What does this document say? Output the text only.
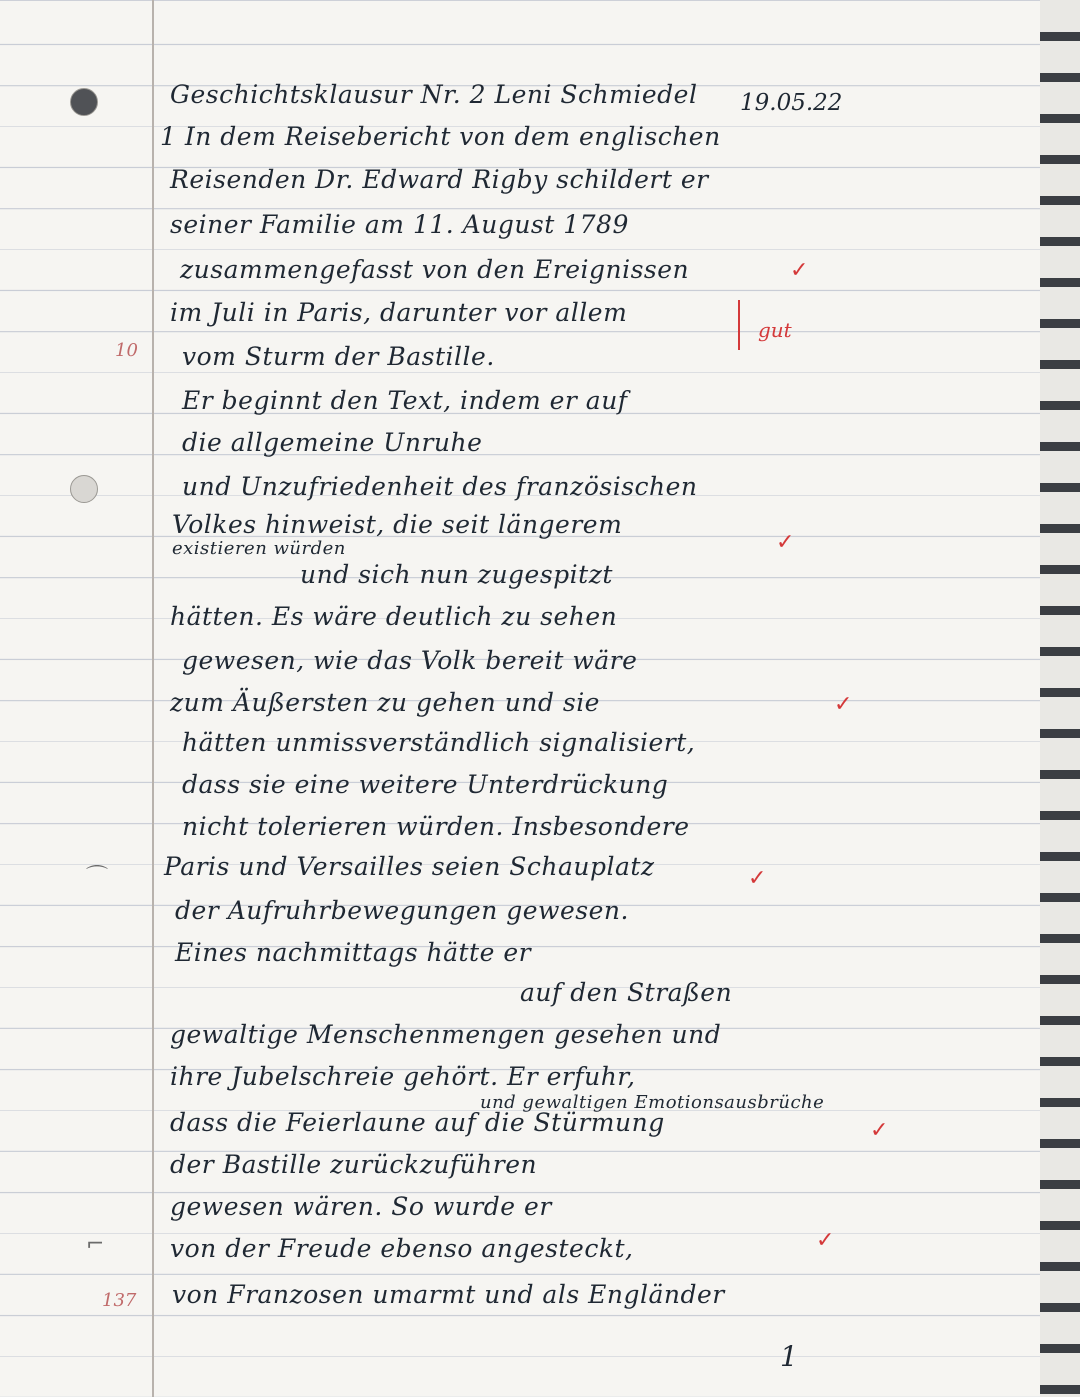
10
137
⌒
⌐
Geschichtsklausur Nr. 2 Leni Schmiedel 19.05.22
1 In dem Reisebericht von dem englischen
Reisenden Dr. Edward Rigby schildert er
seiner Familie am 11. August 1789
zusammengefasst von den Ereignissen
im Juli in Paris, darunter vor allem
vom Sturm der Bastille.
Er beginnt den Text, indem er auf
die allgemeine Unruhe
und Unzufriedenheit des französischen
Volkes hinweist, die seit längerem
existieren würden
und sich nun zugespitzt
hätten. Es wäre deutlich zu sehen
gewesen, wie das Volk bereit wäre
zum Äußersten zu gehen und sie
hätten unmissverständlich signalisiert,
dass sie eine weitere Unterdrückung
nicht tolerieren würden. Insbesondere
Paris und Versailles seien Schauplatz
der Aufruhrbewegungen gewesen.
Eines nachmittags hätte er
auf den Straßen
gewaltige Menschenmengen gesehen und
ihre Jubelschreie gehört. Er erfuhr,
und gewaltigen Emotionsausbrüche
dass die Feierlaune auf die Stürmung
der Bastille zurückzuführen
gewesen wären. So wurde er
von der Freude ebenso angesteckt,
von Franzosen umarmt und als Engländer
✓
gut
✓
✓
✓
✓
✓
1
